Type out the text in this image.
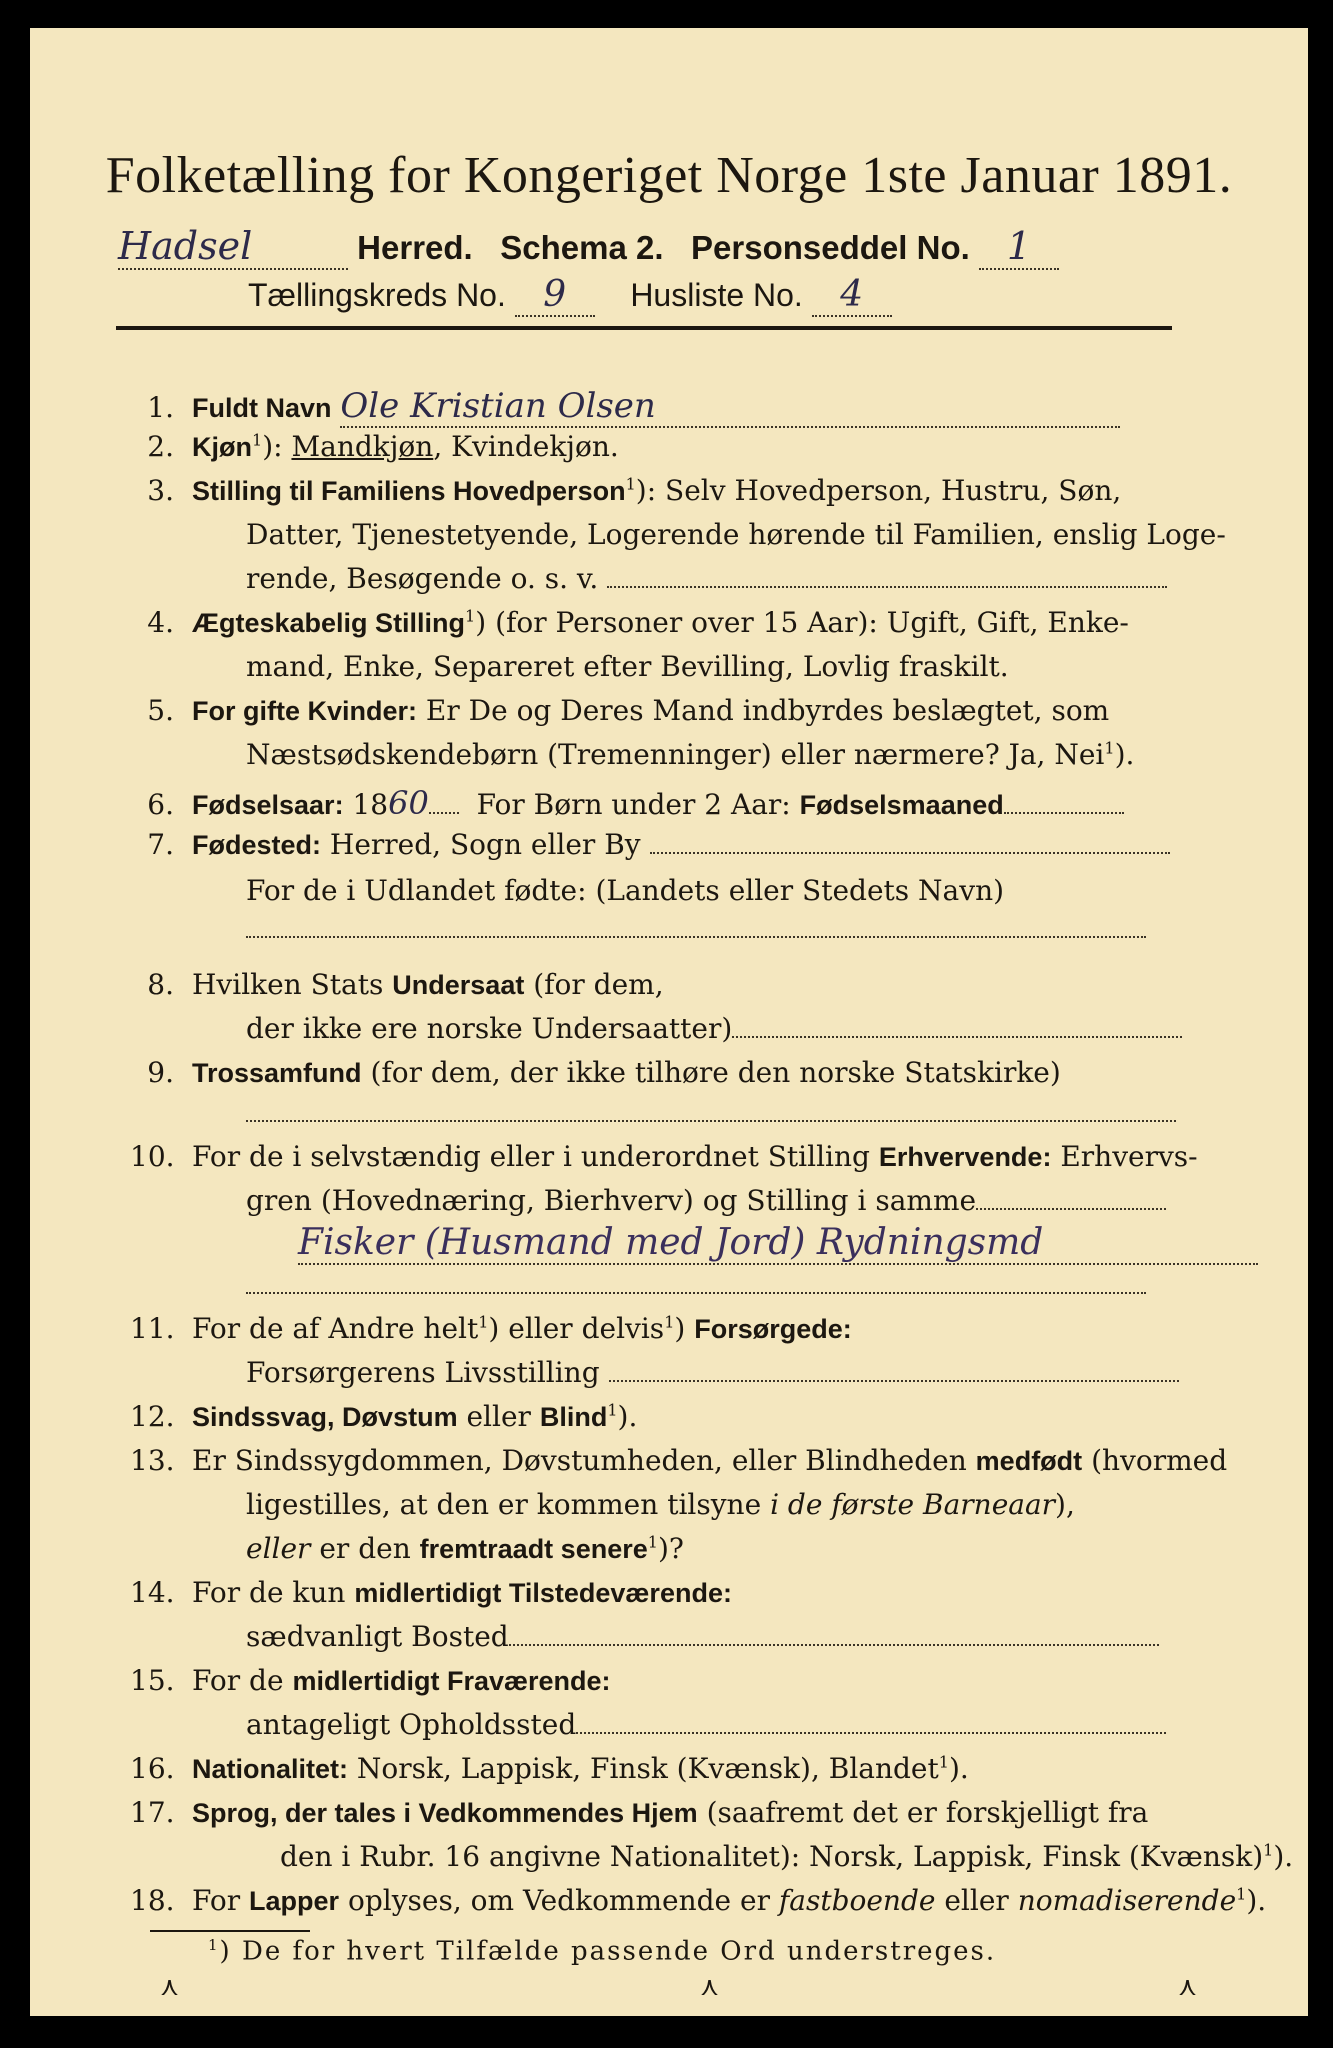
Folketælling for Kongeriget Norge 1ste Januar 1891.
Hadsel	Herred. Schema 2. Personseddel No. 1
Tællingskreds No. 9 Husliste No. 4
1. Fuldt Navn Ole Kristian Olsen
2. Kjøn$^1$): Mandkjøn, Kvindekjøn.
3. Stilling til Familiens Hovedperson$^1$): Selv Hovedperson, Hustru, Søn,
Datter, Tjenestetyende, Logerende hørende til Familien, enslig Loge-
rende, Besøgende o. s. v.
4. Ægteskabelig Stilling$^1$) (for Personer over 15 Aar): Ugift, Gift, Enke-
mand, Enke, Separeret efter Bevilling, Lovlig fraskilt.
5. For gifte Kvinder: Er De og Deres Mand indbyrdes beslægtet, som
Næstsødskendebørn (Tremenninger) eller nærmere? Ja, Nei$^1$).
6. Fødselsaar: 1860 For Børn under 2 Aar: Fødselsmaaned
7. Fødested: Herred, Sogn eller By
For de i Udlandet fødte: (Landets eller Stedets Navn)
8. Hvilken Stats Undersaat (for dem,
der ikke ere norske Undersaatter)
9. Trossamfund (for dem, der ikke tilhøre den norske Statskirke)
10. For de i selvstændig eller i underordnet Stilling Erhvervende: Erhvervs-
gren (Hovednæring, Bierhverv) og Stilling i samme
Fisker (Husmand med Jord) Rydningsmd
11. For de af Andre helt$^1$) eller delvis$^1$) Forsørgede:
Forsørgerens Livsstilling
12. Sindssvag, Døvstum eller Blind$^1$).
13. Er Sindssygdommen, Døvstumheden, eller Blindheden medfødt (hvormed
ligestilles, at den er kommen tilsyne i de første Barneaar),
eller er den fremtraadt senere$^1$)?
14. For de kun midlertidigt Tilstedeværende:
sædvanligt Bosted
15. For de midlertidigt Fraværende:
antageligt Opholdssted
16. Nationalitet: Norsk, Lappisk, Finsk (Kvænsk), Blandet$^1$).
17. Sprog, der tales i Vedkommendes Hjem (saafremt det er forskjelligt fra
den i Rubr. 16 angivne Nationalitet): Norsk, Lappisk, Finsk (Kvænsk)$^1$).
18. For Lapper oplyses, om Vedkommende er fastboende eller nomadiserende$^1$).
$^1$) De for hvert Tilfælde passende Ord understreges.
⋏	⋏	⋏
